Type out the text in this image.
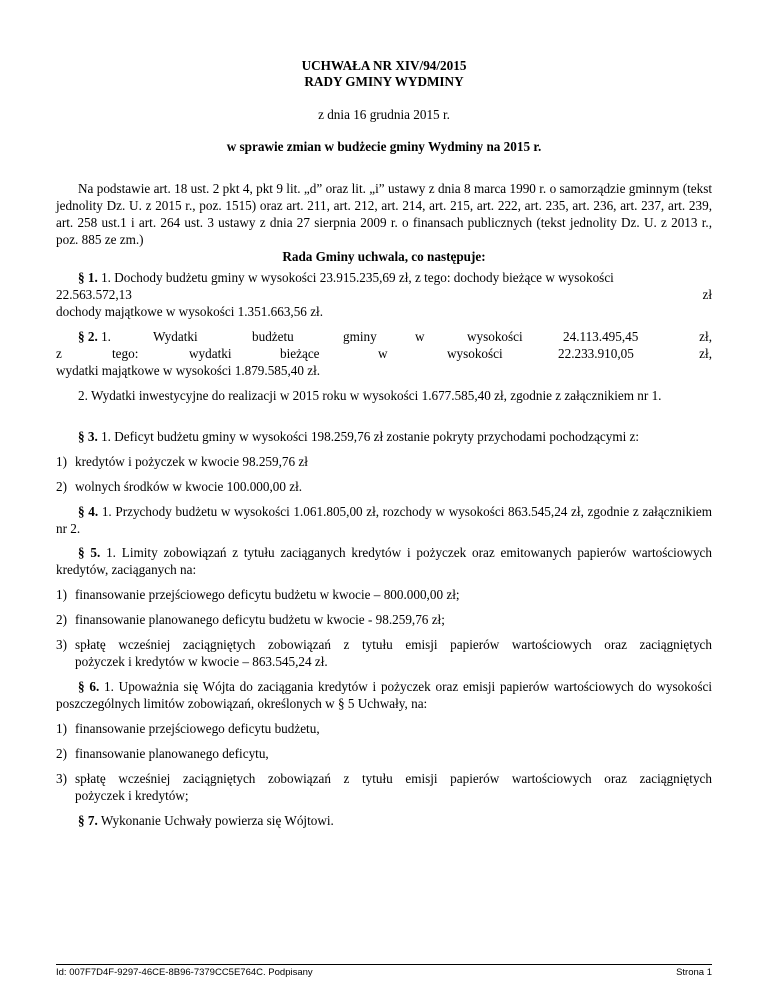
UCHWAŁA NR XIV/94/2015
RADY GMINY WYDMINY
z dnia 16 grudnia 2015 r.
w sprawie zmian w budżecie gminy Wydminy na 2015 r.
Na podstawie art. 18 ust. 2 pkt 4, pkt 9 lit. „d” oraz lit. „i” ustawy z dnia 8 marca 1990 r. o samorządzie gminnym (tekst jednolity Dz. U. z 2015 r., poz. 1515) oraz art. 211, art. 212, art. 214, art. 215, art. 222, art. 235, art. 236, art. 237, art. 239, art. 258 ust.1 i art. 264 ust. 3 ustawy z dnia 27 sierpnia 2009 r. o finansach publicznych (tekst jednolity Dz. U. z 2013 r., poz. 885 ze zm.)
Rada Gminy uchwala, co następuje:
§ 1. 1. Dochody budżetu gminy w wysokości 23.915.235,69 zł, z tego: dochody bieżące w wysokości
22.563.572,13	zł
dochody majątkowe w wysokości 1.351.663,56 zł.
§ 2. 1.	Wydatki	budżetu	gminy	w	wysokości	24.113.495,45	zł,
z	tego:	wydatki	bieżące	w	wysokości	22.233.910,05	zł,
wydatki majątkowe w wysokości 1.879.585,40 zł.
2. Wydatki inwestycyjne do realizacji w 2015 roku w wysokości 1.677.585,40 zł, zgodnie z załącznikiem nr 1.
§ 3. 1. Deficyt budżetu gminy w wysokości 198.259,76 zł zostanie pokryty przychodami pochodzącymi z:
1) kredytów i pożyczek w kwocie 98.259,76 zł
2) wolnych środków w kwocie 100.000,00 zł.
§ 4. 1. Przychody budżetu w wysokości 1.061.805,00 zł, rozchody w wysokości 863.545,24 zł, zgodnie z załącznikiem nr 2.
§ 5. 1. Limity zobowiązań z tytułu zaciąganych kredytów i pożyczek oraz emitowanych papierów wartościowych kredytów, zaciąganych na:
1) finansowanie przejściowego deficytu budżetu w kwocie – 800.000,00 zł;
2) finansowanie planowanego deficytu budżetu w kwocie - 98.259,76 zł;
3) spłatę wcześniej zaciągniętych zobowiązań z tytułu emisji papierów wartościowych oraz zaciągniętych
pożyczek i kredytów w kwocie – 863.545,24 zł.
§ 6. 1. Upoważnia się Wójta do zaciągania kredytów i pożyczek oraz emisji papierów wartościowych do wysokości poszczególnych limitów zobowiązań, określonych w § 5 Uchwały, na:
1) finansowanie przejściowego deficytu budżetu,
2) finansowanie planowanego deficytu,
3) spłatę wcześniej zaciągniętych zobowiązań z tytułu emisji papierów wartościowych oraz zaciągniętych
pożyczek i kredytów;
§ 7. Wykonanie Uchwały powierza się Wójtowi.
Id: 007F7D4F-9297-46CE-8B96-7379CC5E764C. Podpisany	Strona 1
